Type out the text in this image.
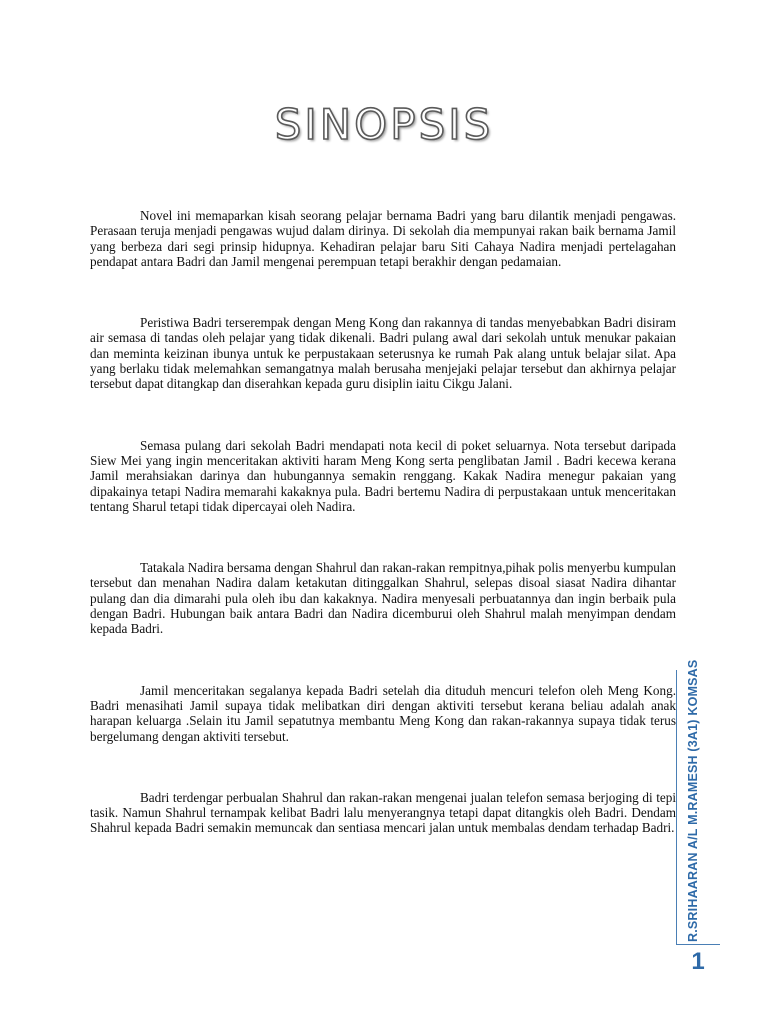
SINOPSIS

Novel ini memaparkan kisah seorang pelajar bernama Badri yang baru dilantik menjadi pengawas. Perasaan teruja menjadi pengawas wujud dalam dirinya. Di sekolah dia mempunyai rakan baik bernama Jamil yang berbeza dari segi prinsip hidupnya. Kehadiran pelajar baru Siti Cahaya Nadira menjadi pertelagahan pendapat antara Badri dan Jamil mengenai perempuan tetapi berakhir dengan pedamaian.

Peristiwa Badri terserempak dengan Meng Kong dan rakannya di tandas menyebabkan Badri disiram air semasa di tandas oleh pelajar yang tidak dikenali. Badri pulang awal dari sekolah untuk menukar pakaian dan meminta keizinan ibunya untuk ke perpustakaan seterusnya ke rumah Pak alang untuk belajar silat. Apa yang berlaku tidak melemahkan semangatnya malah berusaha menjejaki pelajar tersebut dan akhirnya pelajar tersebut dapat ditangkap dan diserahkan kepada guru disiplin iaitu Cikgu Jalani.

Semasa pulang dari sekolah Badri mendapati nota kecil di poket seluarnya. Nota tersebut daripada Siew Mei yang ingin menceritakan aktiviti haram Meng Kong serta penglibatan Jamil . Badri kecewa kerana Jamil merahsiakan darinya dan hubungannya semakin renggang. Kakak Nadira menegur pakaian yang dipakainya tetapi Nadira memarahi kakaknya pula. Badri bertemu Nadira di perpustakaan untuk menceritakan tentang Sharul tetapi tidak dipercayai oleh Nadira.

Tatakala Nadira bersama dengan Shahrul dan rakan-rakan rempitnya,pihak polis menyerbu kumpulan tersebut dan menahan Nadira dalam ketakutan ditinggalkan Shahrul, selepas disoal siasat Nadira dihantar pulang dan dia dimarahi pula oleh ibu dan kakaknya. Nadira menyesali perbuatannya dan ingin berbaik pula dengan Badri. Hubungan baik antara Badri dan Nadira dicemburui oleh Shahrul malah menyimpan dendam kepada Badri.

Jamil menceritakan segalanya kepada Badri setelah dia dituduh mencuri telefon oleh Meng Kong. Badri menasihati Jamil supaya tidak melibatkan diri dengan aktiviti tersebut kerana beliau adalah anak harapan keluarga .Selain itu Jamil sepatutnya membantu Meng Kong dan rakan-rakannya supaya tidak terus bergelumang dengan aktiviti tersebut.

Badri terdengar perbualan Shahrul dan rakan-rakan mengenai jualan telefon semasa berjoging di tepi tasik. Namun Shahrul ternampak kelibat Badri lalu menyerangnya tetapi dapat ditangkis oleh Badri. Dendam Shahrul kepada Badri semakin memuncak dan sentiasa mencari jalan untuk membalas dendam terhadap Badri. R.SRIHAARAN A/L M.RAMESH (3A1) KOMSAS
1
